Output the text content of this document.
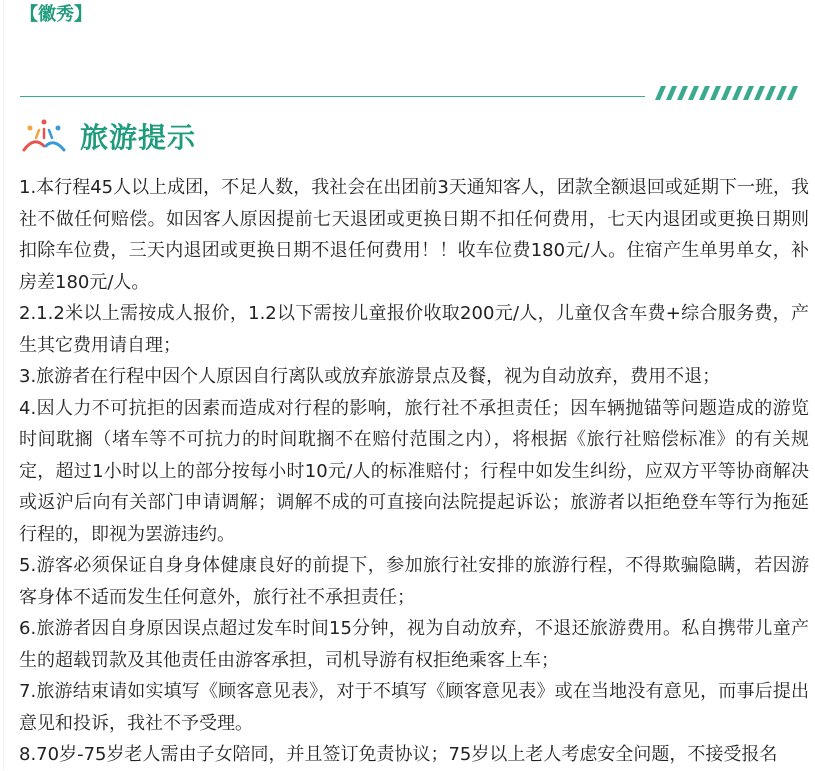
【徽秀】
旅游提示

1.本行程45人以上成团，不足人数，我社会在出团前3天通知客人，团款全额退回或延期下一班，我社不做任何赔偿。如因客人原因提前七天退团或更换日期不扣任何费用，七天内退团或更换日期则扣除车位费，三天内退团或更换日期不退任何费用！！收车位费180元/人。住宿产生单男单女，补房差180元/人。

2.1.2米以上需按成人报价，1.2以下需按儿童报价收取200元/人，儿童仅含车费+综合服务费，产生其它费用请自理；

3.旅游者在行程中因个人原因自行离队或放弃旅游景点及餐，视为自动放弃，费用不退；

4.因人力不可抗拒的因素而造成对行程的影响，旅行社不承担责任；因车辆抛锚等问题造成的游览时间耽搁（堵车等不可抗力的时间耽搁不在赔付范围之内），将根据《旅行社赔偿标准》的有关规定，超过1小时以上的部分按每小时10元/人的标准赔付；行程中如发生纠纷，应双方平等协商解决或返沪后向有关部门申请调解；调解不成的可直接向法院提起诉讼；旅游者以拒绝登车等行为拖延行程的，即视为罢游违约。

5.游客必须保证自身身体健康良好的前提下，参加旅行社安排的旅游行程，不得欺骗隐瞒，若因游客身体不适而发生任何意外，旅行社不承担责任；

6.旅游者因自身原因误点超过发车时间15分钟，视为自动放弃，不退还旅游费用。私自携带儿童产生的超载罚款及其他责任由游客承担，司机导游有权拒绝乘客上车；

7.旅游结束请如实填写《顾客意见表》，对于不填写《顾客意见表》或在当地没有意见，而事后提出意见和投诉，我社不予受理。

8.70岁-75岁老人需由子女陪同，并且签订免责协议；75岁以上老人考虑安全问题，不接受报名
